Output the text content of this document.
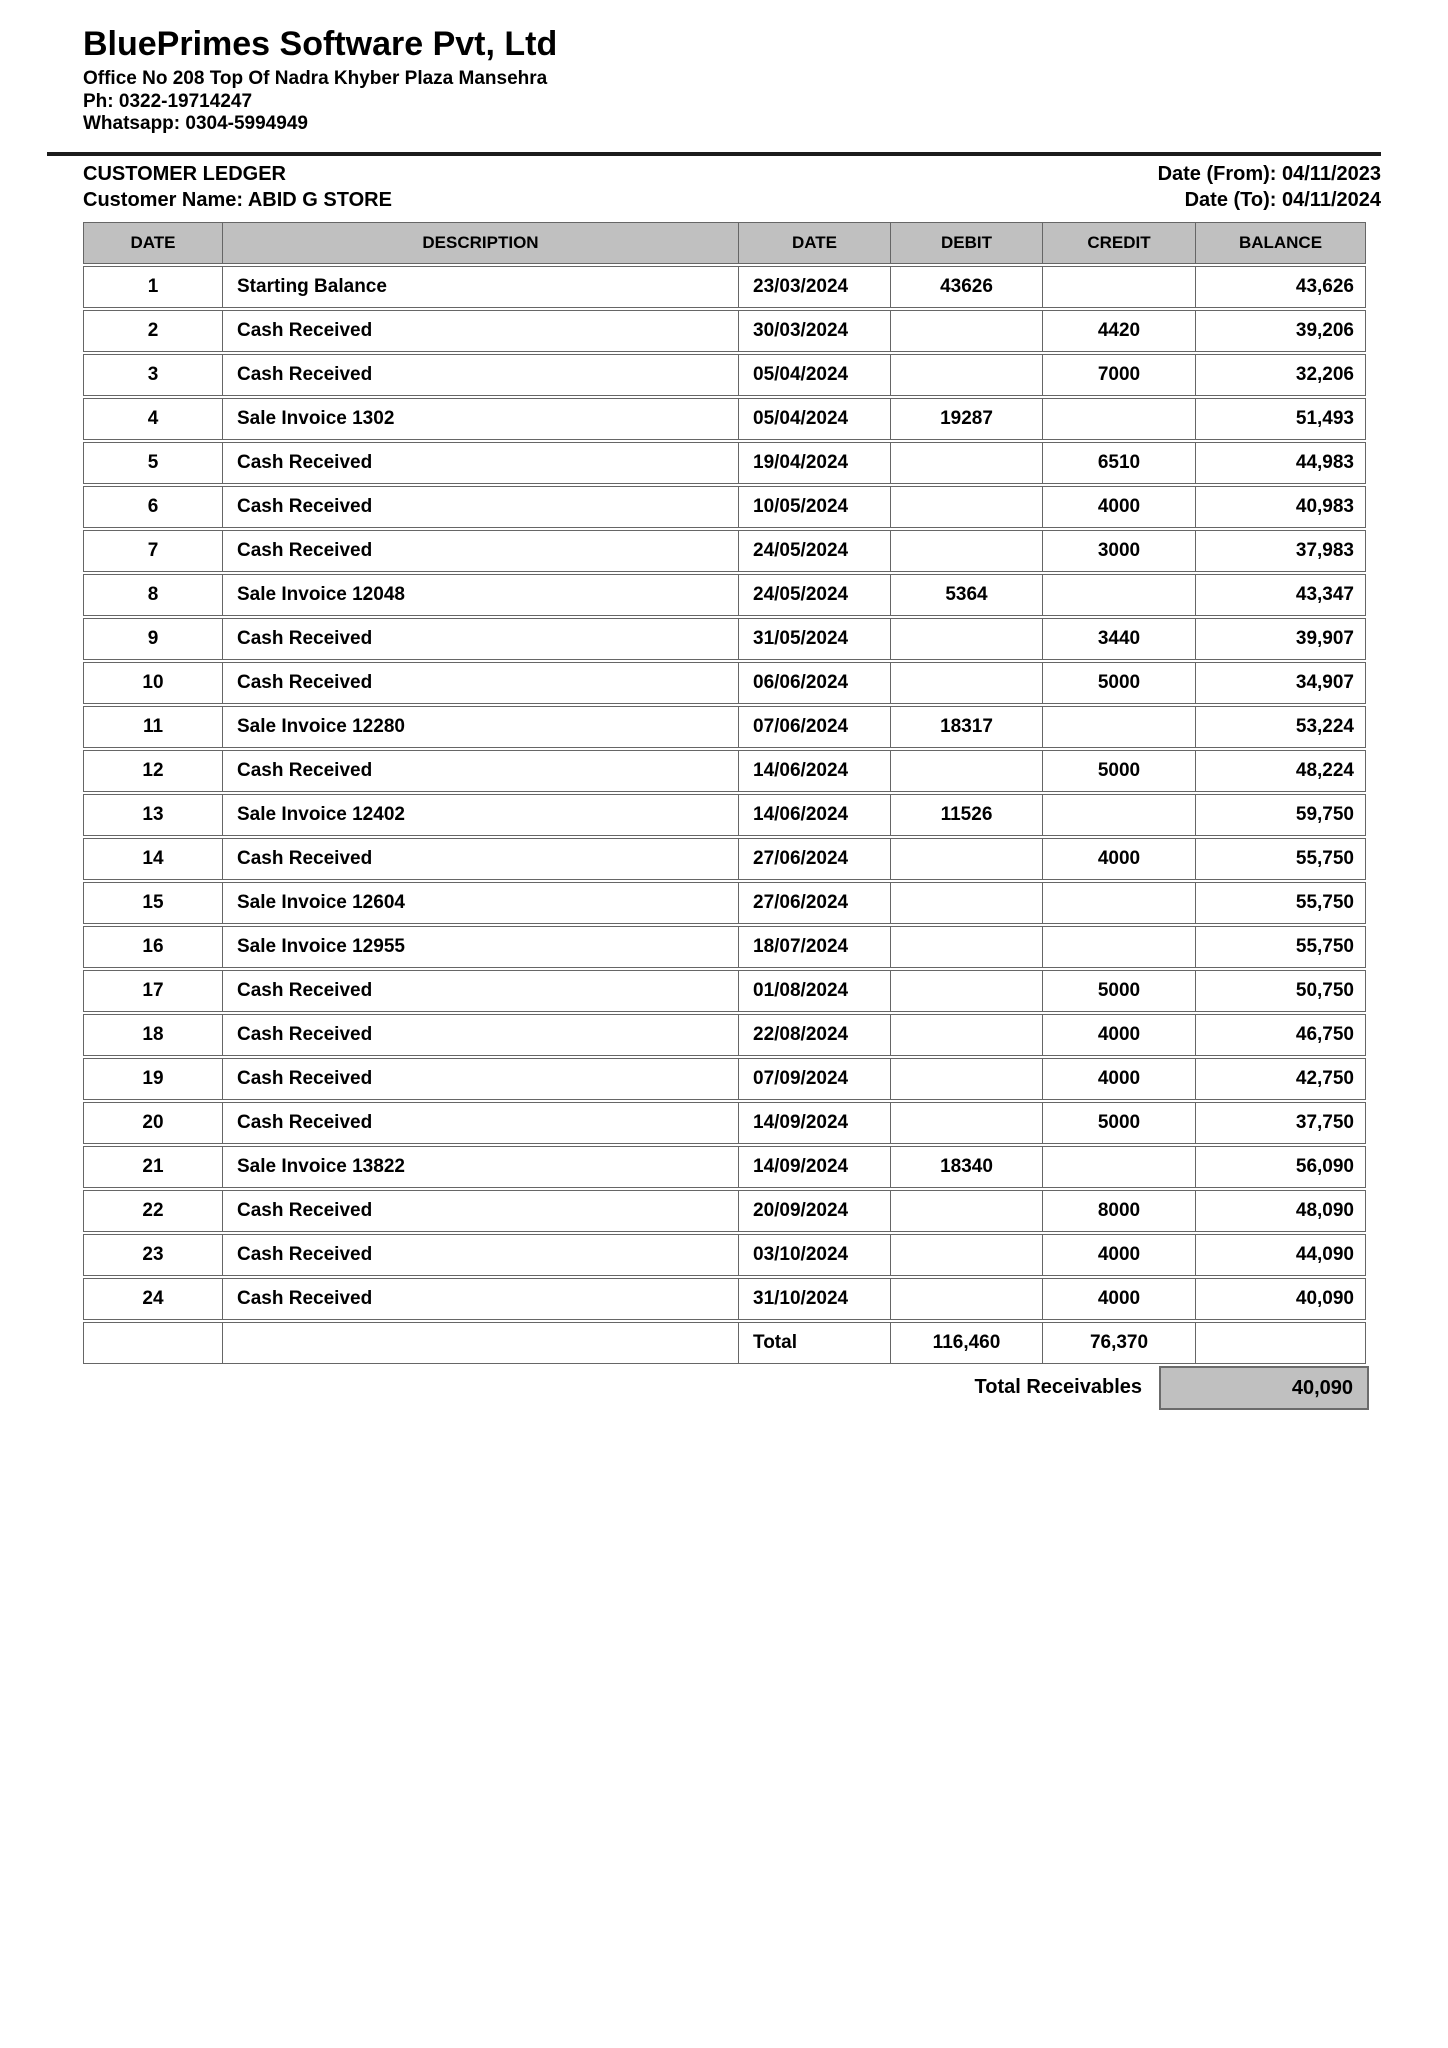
BluePrimes Software Pvt, Ltd
Office No 208 Top Of Nadra Khyber Plaza Mansehra
Ph: 0322-19714247
Whatsapp: 0304-5994949
CUSTOMER LEDGER	Date (From): 04/11/2023
Customer Name: ABID G STORE	Date (To): 04/11/2024
DATE	DESCRIPTION	DATE	DEBIT	CREDIT	BALANCE
1	Starting Balance	23/03/2024	43626		43,626
2	Cash Received	30/03/2024		4420	39,206
3	Cash Received	05/04/2024		7000	32,206
4	Sale Invoice 1302	05/04/2024	19287		51,493
5	Cash Received	19/04/2024		6510	44,983
6	Cash Received	10/05/2024		4000	40,983
7	Cash Received	24/05/2024		3000	37,983
8	Sale Invoice 12048	24/05/2024	5364		43,347
9	Cash Received	31/05/2024		3440	39,907
10	Cash Received	06/06/2024		5000	34,907
11	Sale Invoice 12280	07/06/2024	18317		53,224
12	Cash Received	14/06/2024		5000	48,224
13	Sale Invoice 12402	14/06/2024	11526		59,750
14	Cash Received	27/06/2024		4000	55,750
15	Sale Invoice 12604	27/06/2024			55,750
16	Sale Invoice 12955	18/07/2024			55,750
17	Cash Received	01/08/2024		5000	50,750
18	Cash Received	22/08/2024		4000	46,750
19	Cash Received	07/09/2024		4000	42,750
20	Cash Received	14/09/2024		5000	37,750
21	Sale Invoice 13822	14/09/2024	18340		56,090
22	Cash Received	20/09/2024		8000	48,090
23	Cash Received	03/10/2024		4000	44,090
24	Cash Received	31/10/2024		4000	40,090
		Total	116,460	76,370	
Total Receivables	40,090
